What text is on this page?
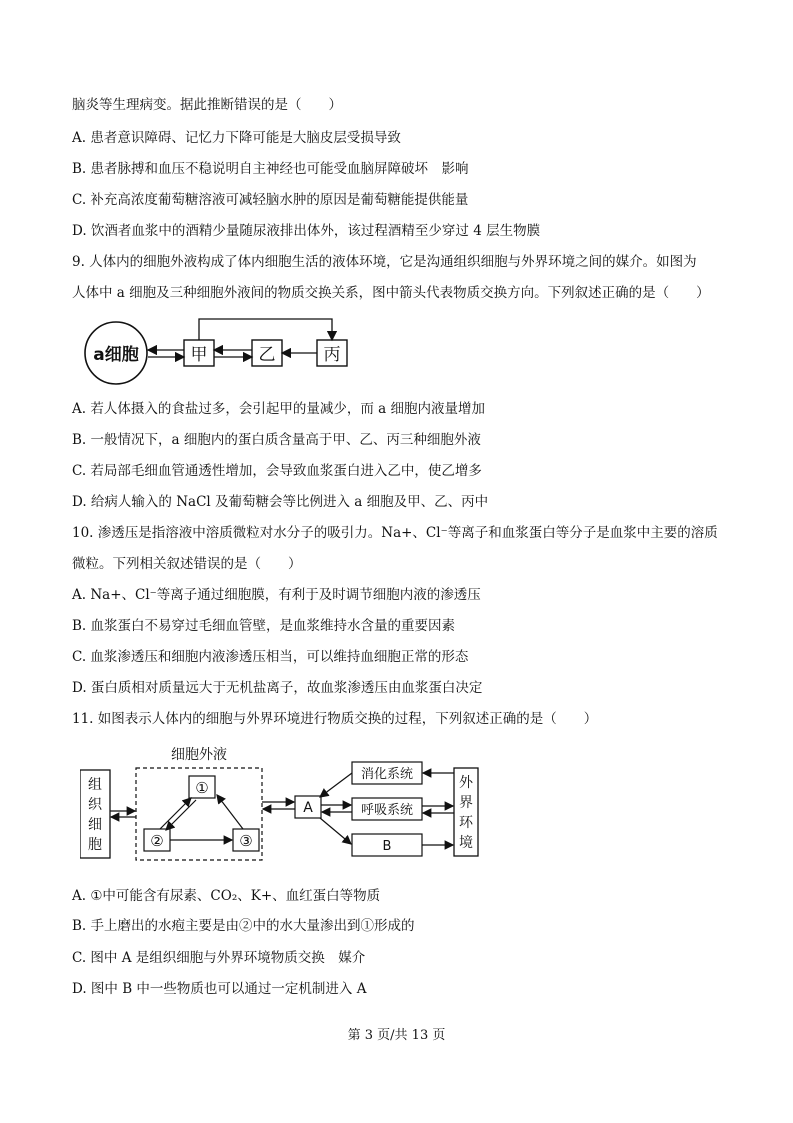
脑炎等生理病变。据此推断错误的是（　　）
A. 患者意识障碍、记忆力下降可能是大脑皮层受损导致
B. 患者脉搏和血压不稳说明自主神经也可能受血脑屏障破坏　影响
C. 补充高浓度葡萄糖溶液可减轻脑水肿的原因是葡萄糖能提供能量
D. 饮酒者血浆中的酒精少量随尿液排出体外，该过程酒精至少穿过 4 层生物膜
9. 人体内的细胞外液构成了体内细胞生活的液体环境，它是沟通组织细胞与外界环境之间的媒介。如图为
人体中 a 细胞及三种细胞外液间的物质交换关系，图中箭头代表物质交换方向。下列叙述正确的是（　　）
a细胞	甲	乙	丙
A. 若人体摄入的食盐过多，会引起甲的量减少，而 a 细胞内液量增加
B. 一般情况下，a 细胞内的蛋白质含量高于甲、乙、丙三种细胞外液
C. 若局部毛细血管通透性增加，会导致血浆蛋白进入乙中，使乙增多
D. 给病人输入的 NaCl 及葡萄糖会等比例进入 a 细胞及甲、乙、丙中
10. 渗透压是指溶液中溶质微粒对水分子的吸引力。Na+、Cl⁻等离子和血浆蛋白等分子是血浆中主要的溶质
微粒。下列相关叙述错误的是（　　）
A. Na+、Cl⁻等离子通过细胞膜，有利于及时调节细胞内液的渗透压
B. 血浆蛋白不易穿过毛细血管壁，是血浆维持水含量的重要因素
C. 血浆渗透压和细胞内液渗透压相当，可以维持血细胞正常的形态
D. 蛋白质相对质量远大于无机盐离子，故血浆渗透压由血浆蛋白决定
11. 如图表示人体内的细胞与外界环境进行物质交换的过程，下列叙述正确的是（　　）
组
织
细
胞
细胞外液
①
②	③
A
消化系统
呼吸系统
B
外
界
环
境
A. ①中可能含有尿素、CO₂、K+、血红蛋白等物质
B. 手上磨出的水疱主要是由②中的水大量渗出到①形成的
C. 图中 A 是组织细胞与外界环境物质交换　媒介
D. 图中 B 中一些物质也可以通过一定机制进入 A
第 3 页/共 13 页
